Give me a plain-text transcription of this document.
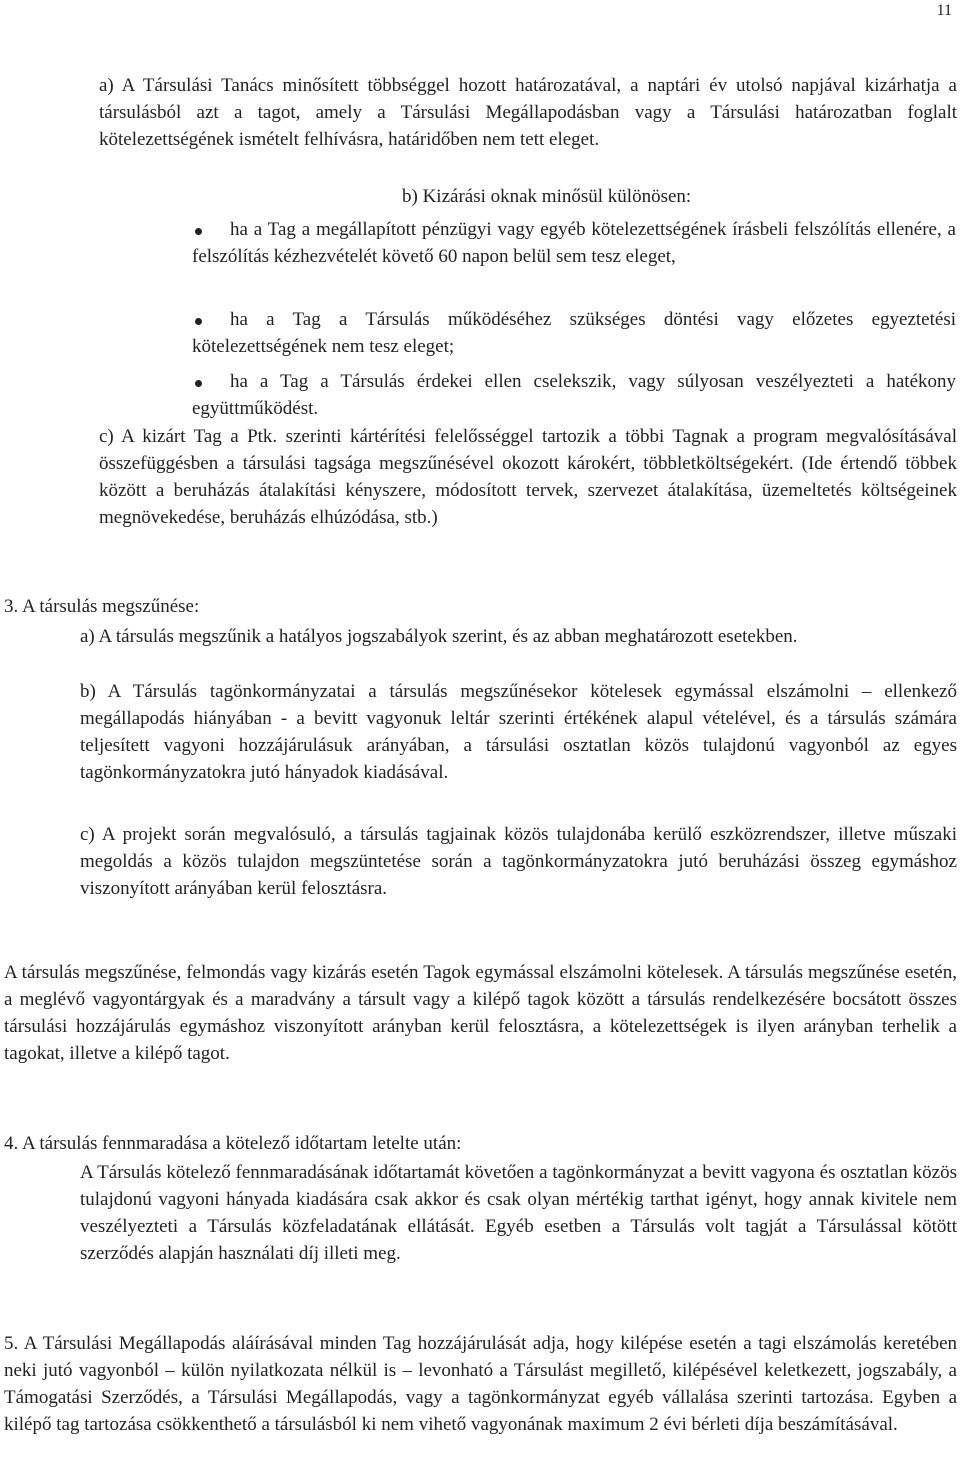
11

a) A Társulási Tanács minősített többséggel hozott határozatával, a naptári év utolsó napjával kizárhatja a társulásból azt a tagot, amely a Társulási Megállapodásban vagy a Társulási határozatban foglalt kötelezettségének ismételt felhívásra, határidőben nem tett eleget.

b) Kizárási oknak minősül különösen:

ha a Tag a megállapított pénzügyi vagy egyéb kötelezettségének írásbeli felszólítás ellenére, a felszólítás kézhezvételét követő 60 napon belül sem tesz eleget,

ha a Tag a Társulás működéséhez szükséges döntési vagy előzetes egyeztetési kötelezettségének nem tesz eleget;

ha a Tag a Társulás érdekei ellen cselekszik, vagy súlyosan veszélyezteti a hatékony együttműködést.

c) A kizárt Tag a Ptk. szerinti kártérítési felelősséggel tartozik a többi Tagnak a program megvalósításával összefüggésben a társulási tagsága megszűnésével okozott károkért, többletköltségekért. (Ide értendő többek között a beruházás átalakítási kényszere, módosított tervek, szervezet átalakítása, üzemeltetés költségeinek megnövekedése, beruházás elhúzódása, stb.)

3. A társulás megszűnése:

a) A társulás megszűnik a hatályos jogszabályok szerint, és az abban meghatározott esetekben.

b) A Társulás tagönkormányzatai a társulás megszűnésekor kötelesek egymással elszámolni – ellenkező megállapodás hiányában - a bevitt vagyonuk leltár szerinti értékének alapul vételével, és a társulás számára teljesített vagyoni hozzájárulásuk arányában, a társulási osztatlan közös tulajdonú vagyonból az egyes tagönkormányzatokra jutó hányadok kiadásával.

c) A projekt során megvalósuló, a társulás tagjainak közös tulajdonába kerülő eszközrendszer, illetve műszaki megoldás a közös tulajdon megszüntetése során a tagönkormányzatokra jutó beruházási összeg egymáshoz viszonyított arányában kerül felosztásra.

A társulás megszűnése, felmondás vagy kizárás esetén Tagok egymással elszámolni kötelesek. A társulás megszűnése esetén, a meglévő vagyontárgyak és a maradvány a társult vagy a kilépő tagok között a társulás rendelkezésére bocsátott összes társulási hozzájárulás egymáshoz viszonyított arányban kerül felosztásra, a kötelezettségek is ilyen arányban terhelik a tagokat, illetve a kilépő tagot.

4. A társulás fennmaradása a kötelező időtartam letelte után:

A Társulás kötelező fennmaradásának időtartamát követően a tagönkormányzat a bevitt vagyona és osztatlan közös tulajdonú vagyoni hányada kiadására csak akkor és csak olyan mértékig tarthat igényt, hogy annak kivitele nem veszélyezteti a Társulás közfeladatának ellátását. Egyéb esetben a Társulás volt tagját a Társulással kötött szerződés alapján használati díj illeti meg.

5. A Társulási Megállapodás aláírásával minden Tag hozzájárulását adja, hogy kilépése esetén a tagi elszámolás keretében neki jutó vagyonból – külön nyilatkozata nélkül is – levonható a Társulást megillető, kilépésével keletkezett, jogszabály, a Támogatási Szerződés, a Társulási Megállapodás, vagy a tagönkormányzat egyéb vállalása szerinti tartozása. Egyben a kilépő tag tartozása csökkenthető a társulásból ki nem vihető vagyonának maximum 2 évi bérleti díja beszámításával.
